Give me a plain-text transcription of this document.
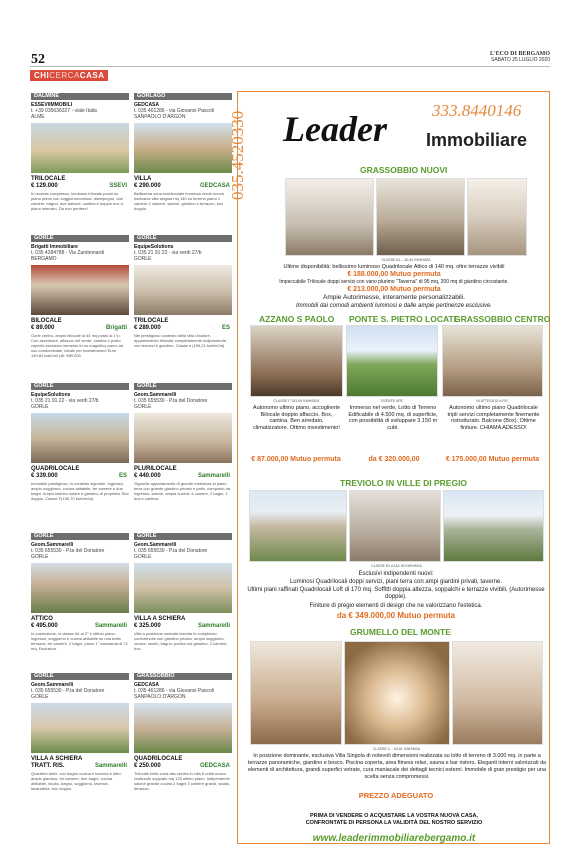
52	L'ECO DI BERGAMO
SABATO 25 LUGLIO 2020
CHICERCACASA
DALMINE
ESSEVIIMMOBILI
t. +39 035636327 - viale Italia
ALME
TRILOCALE
€ 129.000	SSEVI
In recente complesso, luminoso trilocale posto su piano primo con soggiorno/cottura, disimpegno, due camere, bagno, due balconi, cantina e doppio box a piano interrato. Da non perdere!
GORLE
Brigatti Immobiliare
t. 035 4284788 - Via Zambonardi
BERGAMO
BILOCALE
€ 89.000	Brigatti
Gorle centro, ampio bilocale di 64 mq posto al 1°p. Con ascensore, affaccio nel verde, cantina e posto coperto esclusivo immerso in un magnifico parco ad uso condominiale, ideale per investimento! Euro 149,84 kwh/m2 pill: €89.000
GORLE
EquipeSolutions
t. 035 21 91 22 - via verdi 27/b
GORLE
QUADRILOCALE
€ 339.000	ES
Immobile prestigioso, in contesto signorile. Ingresso, ampio soggiorno, cucina abitabile, tre camere e due bagni. Ampio lastrico solare e giardino di proprietà. Box doppio. Classe F(156,70 kwh/m2a).
GORLE
Geom.Sammarelli
t. 035 655530 - P.ta del Donatore
GORLE
ATTICO
€ 495.000	Sammarelli
In costruzione, in classe A4 al 2° e ultimo piano: ingresso, soggiorno e cucina abitabile su una bella terrazza, tre camere, 2 bagni, piano 1° mansarda di 72 mq. Esclusiva.
GORLE
Geom.Sammarelli
t. 035 655530 - P.ta del Donatore
GORLE
VILLA A SCHIERA TRATT. RIS.	Sammarelli
Quartiere bello, con bagno cucina e taverna e letto: ampio giardino, tre camere, due bagni, cucina abitabile, studio, bagno, soggiorno, taverna, lavanderia, box doppio.
GORLAGO
GEDCASA
t. 035 461286 - via Giovanni Pascoli
SANPAOLO D'ARGON
VILLA
€ 290.000	GEDCASA
Bellissima zona residenziale immersa verde nuova esclusiva villa singola mq 140 su terreno piano 1 camere 2 camere, salone, giardino e terrazzo, box doppio.
GORLE
EquipeSolutions
t. 035 21 91 22 - via verdi 27/b
GORLE
TRILOCALE
€ 289.000	ES
Nel prestigioso contesto della villa d'autore, appartamento trilocale completamente indipendente, con terrazzi e giardino. Classe e (156,21 kwh/m2a).
GORLE
Geom.Sammarelli
t. 035 655530 - P.ta del Donatore
GORLE
PLURILOCALE
€ 440.000	Sammarelli
Signorile appartamento di grande metratura al piano terra con grande giardino privato e patio, composto da ingresso, salone, ampia cucina, 4 camere, 2 bagni, 2 box e cantina.
GORLE
Geom.Sammarelli
t. 035 655530 - P.ta del Donatore
GORLE
VILLA A SCHIERA
€ 325.000	Sammarelli
Villa a posizione centrale inserita in complesso confortevole con giardino privato, ampio soggiorno, cucina, studio, bagno, portico sul giardino, 2 camere, box.
GRASSOBBIO
GEDCASA
t. 035 461286 - via Giovanni Pascoli
SANPAOLO D'ARGON
QUADRILOCALE
€ 250.000	GEDCASA
Trilocale bella zona alla servita in villa 6 unità nuovo realizzato soppiato mq 125 ultimo piano. Indipendente salone grande cucina 2 bagni 3 camere grandi, studio, terrazzo.
035.4520330
333.8440146
Leader Immobiliare
GRASSOBBIO NUOVI
CLASSE A1 – 40,63 KWH/M2A
Ultime disponibilità: bellissimo luminoso Quadrilocale Attico di 140 mq. oltre terrazze vivibili
€ 188.000,00 Mutuo permuta
Impeccabile Trilocale doppi servizi con vano plurimo "Taverna" di 95 mq, 200 mq di giardino circostante.
€ 213.000,00 Mutuo permuta
Ampie Autorimesse, interamente personalizzabili.
Immobili dai comodi ambienti luminosi e dalle ampie pertinenze esclusive.
AZZANO S PAOLO PONTE S. PIETRO LOCATE
GRASSOBBIO CENTRO
CLASSE F 181,09 KWH/M2A	ESENTE APE	IN ATTESA DI A.P.E.
Autonomo ultimo piano, accogliente Bilocale doppio affaccio. Box, cantina. Ben arredato, climatizzatore. Ottimo investimento!
Immerso nel verde, Lotto di Terreno Edificabile di 4.500 mq. di superficie, con possibilità di sviluppare 3.150 m cubi.
Autonomo ultimo piano Quadrilocale tripli servizi completamente finemente ristrutturato. Balcone (Box). Ottime finiture. CHIAMA ADESSO!
€ 87.000,00 Mutuo permuta	da € 320.000,00	€ 175.000,00 Mutuo permuta
TREVIOLO IN VILLE DI PREGIO
CLASSE B1 A1A2 39 KWH/M2A
Esclusivi indipendenti nuovi:
Luminosi Quadrilocali doppi servizi, piani terra con ampi giardini privati, taverne.
Ultimi piani raffinati Quadrilocali Loft di 170 mq. Soffitti doppia altezza, soppalchi e terrazze vivibili. (Autorimesse doppie).
Finiture di pregio elementi di design che ne valorizzano l'estetica.
da € 349.000,00 Mutuo permuta
GRUMELLO DEL MONTE
CLASSE C – 63,81 KWH/M2A
In posizione dominante, esclusiva Villa Singola di notevoli dimensioni realizzata su lotto di terreno di 3.000 mq. in parte a terrazze panoramiche, giardino e bosco. Piscina coperta, area fitness relax, sauna e bar ristoro. Eleganti interni valorizzati da elementi di architettura, grandi superfici vetrate, cura maniacale dei dettagli tecnici esterni. Immobile di gran prestigio per una scelta senza compromessi.
PREZZO ADEGUATO
PRIMA DI VENDERE O ACQUISTARE LA VOSTRA NUOVA CASA,
CONFRONTATE DI PERSONA LA VALIDITÀ DEL NOSTRO SERVIZIO
www.leaderimmobiliarebergamo.it
